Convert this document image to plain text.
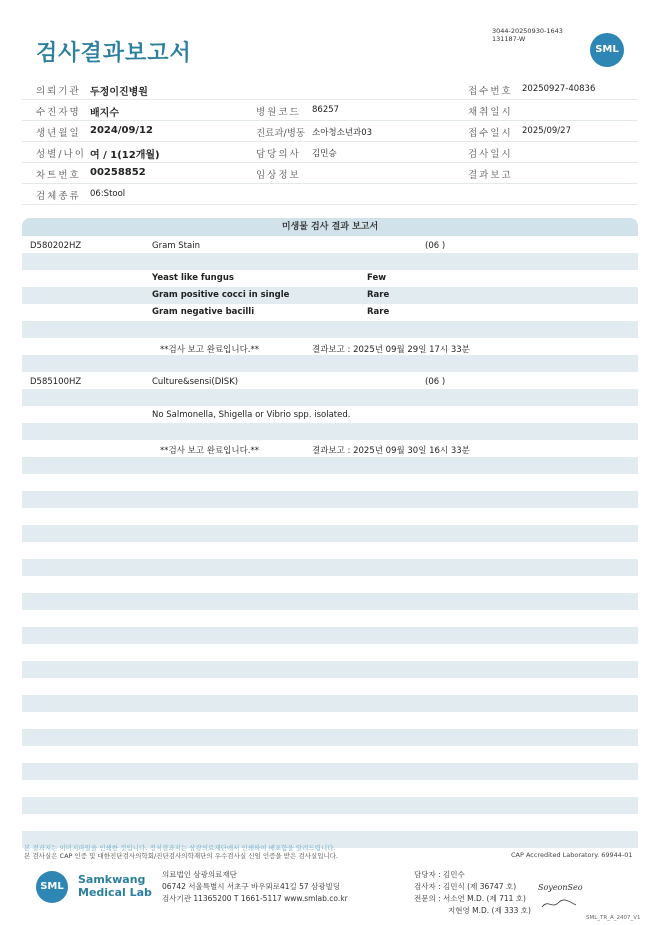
검사결과보고서
3044-20250930-1643
131187-W
SML
의뢰기관 두정이진병원	접수번호 20250927-40836
수진자명 배지수	병원코드 86257	채취일시
생년월일 2024/09/12	진료과/병동 소아청소년과03	접수일시 2025/09/27
성별/나이 여 / 1(12개월)	담당의사 김민승	검사일시
차트번호 00258852	임상정보	결과보고
검체종류 06:Stool
미생물 검사 결과 보고서
D580202HZ	Gram Stain	(06 )
Yeast like fungus	Few
Gram positive cocci in single	Rare
Gram negative bacilli	Rare
**검사 보고 완료입니다.**	결과보고 : 2025년 09월 29일 17시 33분
D585100HZ	Culture&sensi(DISK)	(06 )
No Salmonella, Shigella or Vibrio spp. isolated.
**검사 보고 완료입니다.**	결과보고 : 2025년 09월 30일 16시 33분
본 결과지는 이미지파일을 인쇄한 것입니다. 정식결과지는 삼광의료재단에서 인쇄하여 배포함을 알려드립니다.
본 검사실은 CAP 인증 및 대한진단검사의학회/진단검사의학재단의 우수검사실 신임 인증을 받은 검사실입니다.	CAP Accredited Laboratory. 69944-01
SML
Samkwang
Medical Lab
의료법인 삼광의료재단
06742 서울특별시 서초구 바우뫼로41길 57 삼광빌딩
검사기관 11365200 T 1661-5117 www.smlab.co.kr
담당자 : 김민수
검사자 : 김민식 (제 36747 호)
전문의 : 서소연 M.D. (제 711 호)
지현영 M.D. (제 333 호)
SoyeonSeo
SML_TR_A_2407_V1
